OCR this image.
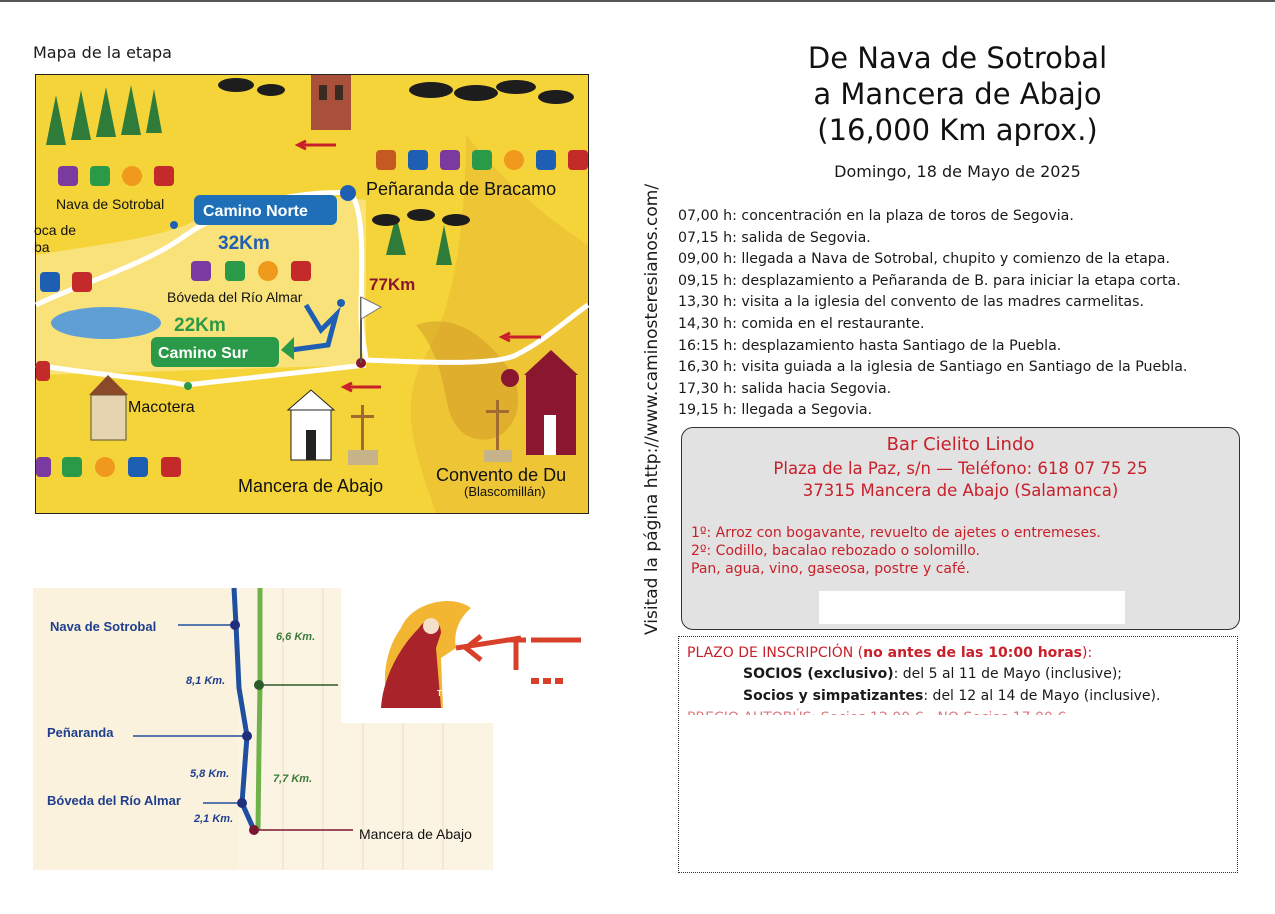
Mapa de la etapa
Nava de Sotrobal
oca de
ba
Peñaranda de Bracamo
Camino Norte
32Km
77Km
Bóveda del Río Almar
22Km
Camino Sur
Macotera
Mancera de Abajo
Convento de Du
(Blascomillán)
Nava de Sotrobal
6,6 Km.
8,1 Km.
Peñaranda
5,8 Km.	7,7 Km.
Bóveda del Río Almar
2,1 Km.
Mancera de Abajo
CAMINOS
TERESIANOS
Visitad la página http://www.caminosteresianos.com/
De Nava de Sotrobal
a Mancera de Abajo
(16,000 Km aprox.)
Domingo, 18 de Mayo de 2025
07,00 h: concentración en la plaza de toros de Segovia.
07,15 h: salida de Segovia.
09,00 h: llegada a Nava de Sotrobal, chupito y comienzo de la etapa.
09,15 h: desplazamiento a Peñaranda de B. para iniciar la etapa corta.
13,30 h: visita a la iglesia del convento de las madres carmelitas.
14,30 h: comida en el restaurante.
16:15 h: desplazamiento hasta Santiago de la Puebla.
16,30 h: visita guiada a la iglesia de Santiago en Santiago de la Puebla.
17,30 h: salida hacia Segovia.
19,15 h: llegada a Segovia.
Bar Cielito Lindo
Plaza de la Paz, s/n — Teléfono: 618 07 75 25
37315 Mancera de Abajo (Salamanca)
1º: Arroz con bogavante, revuelto de ajetes o entremeses.
2º: Codillo, bacalao rebozado o solomillo.
Pan, agua, vino, gaseosa, postre y café.
PLAZO DE INSCRIPCIÓN (no antes de las 10:00 horas):
SOCIOS (exclusivo): del 5 al 11 de Mayo (inclusive);
Socios y simpatizantes: del 12 al 14 de Mayo (inclusive).
